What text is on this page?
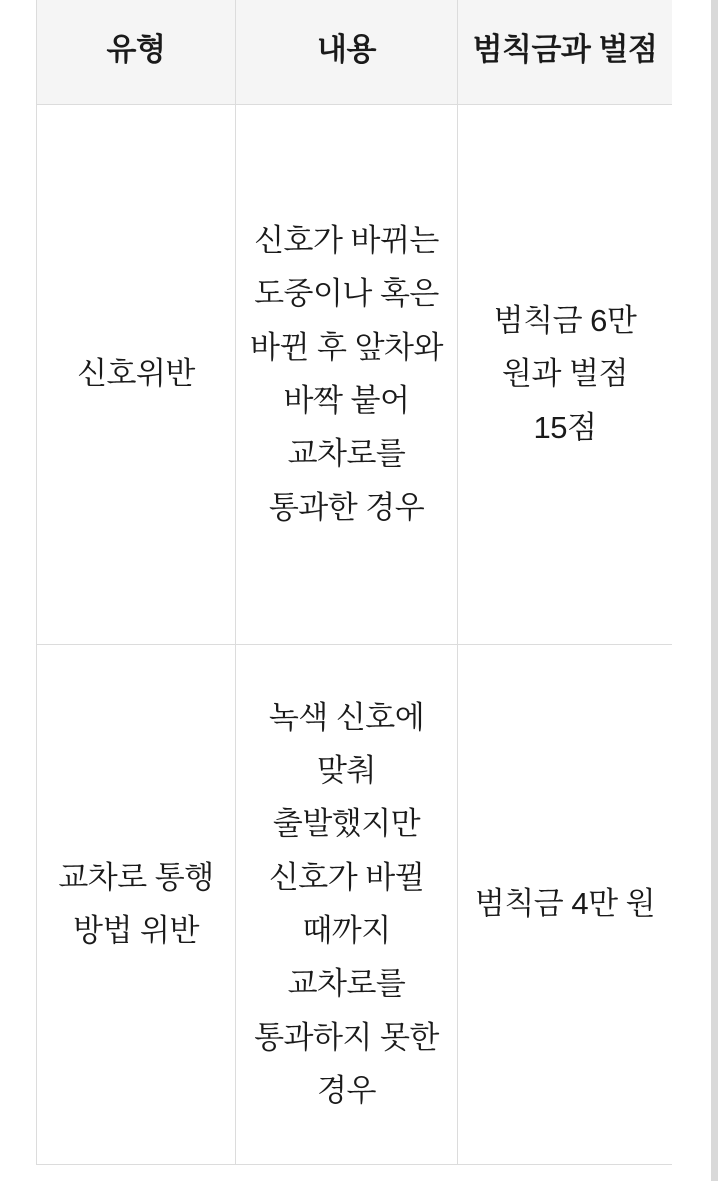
유형	내용	범칙금과 벌점
신호위반	신호가 바뀌는 도중이나 혹은 바뀐 후 앞차와 바짝 붙어 교차로를 통과한 경우	범칙금 6만 원과 벌점 15점
교차로 통행방법 위반	녹색 신호에 맞춰 출발했지만 신호가 바뀔 때까지 교차로를 통과하지 못한 경우	범칙금 4만 원
